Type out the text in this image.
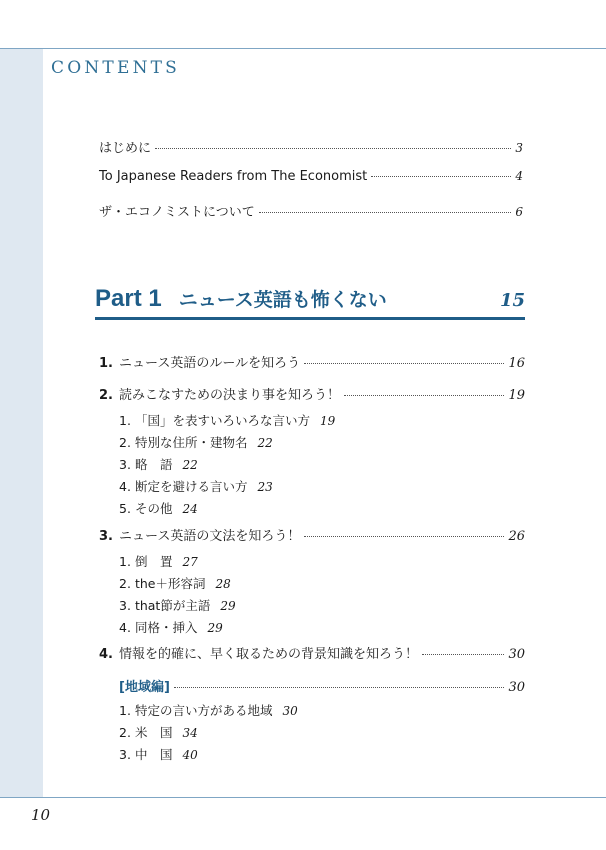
CONTENTS
はじめに	3
To Japanese Readers from The Economist	4
ザ・エコノミストについて	6
Part 1 ニュース英語も怖くない	15
1. ニュース英語のルールを知ろう	16
2. 読みこなすための決まり事を知ろう！	19
1. 「国」を表すいろいろな言い方 19
2. 特別な住所・建物名 22
3. 略　語 22
4. 断定を避ける言い方 23
5. その他 24
3. ニュース英語の文法を知ろう！	26
1. 倒　置 27
2. the＋形容詞 28
3. that節が主語 29
4. 同格・挿入 29
4. 情報を的確に、早く取るための背景知識を知ろう！	30
[地域編]	30
1. 特定の言い方がある地域 30
2. 米　国 34
3. 中　国 40
10
